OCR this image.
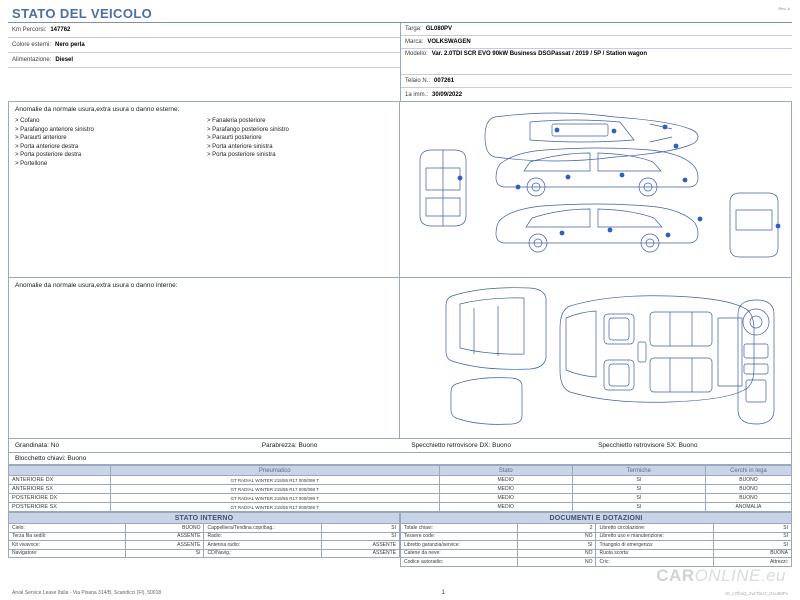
Rev. A
STATO DEL VEICOLO
Km Percorsi: 147762
Colore esterni: Nero perla
Alimentazione: Diesel
Targa: GL080PV
Marca: VOLKSWAGEN
Modello: Var. 2.0TDI SCR EVO 90kW Business DSGPassat / 2019 / 5P / Station wagon
Telaio N.: 007261
1a imm.: 30/09/2022
Anomalie da normale usura,extra usura o danno esterne:
> Cofano
> Parafango anteriore sinistro
> Paraurti anteriore
> Porta anteriore destra
> Porta posteriore destra
> Portellone
> Fanaleria posteriore
> Parafango posteriore sinistro
> Paraurti posteriore
> Porta anteriore sinistra
> Porta posteriore sinistra
Anomalie da normale usura,extra usura o danno interne:
Grandinata: No	Parabrezza: Buono	Specchietto retrovisore DX: Buono	Specchietto retrovisore SX: Buono
Blocchetto chiavi: Buono
	Pneumatico	Stato	Termiche	Cerchi in lega
ANTERIORE DX	GT RADIAL WINTER 215/55 R17 000/098 T	MEDIO	SI	BUONO
ANTERIORE SX	GT RADIAL WINTER 215/55 R17 000/098 T	MEDIO	SI	BUONO
POSTERIORE DX	GT RADIAL WINTER 215/55 R17 000/098 T	MEDIO	SI	BUONO
POSTERIORE SX	GT RADIAL WINTER 215/55 R17 000/098 T	MEDIO	SI	ANOMALIA
STATO INTERNO			
Cielo:	BUONO	Cappelliera/Tendina copribag.:	SI
Terza fila sedili:	ASSENTE	Radio:	SI
Kit vivavoce:	ASSENTE	Antenna radio:	ASSENTE
Navigatore:	SI	CD/Navig.:	ASSENTE
DOCUMENTI E DOTAZIONI			
Totale chiavi:	2	Libretto circolazione:	SI
Tessere code:	NO	Libretto uso e manutenzione:	SI
Libretto garanzia/service:	SI	Triangolo di emergenza:	SI
Catene da neve:	NO	Ruota scorta:	BUONA
Codice autoradio:	NO	Cric:	Attrezzi:
CARONLINE.eu
Arval Service Lease Italia - Via Pisana 314/B, Scandicci (FI), 50018	1	ID_c7fbvQ_2vz7bU2_GLu80Pv
